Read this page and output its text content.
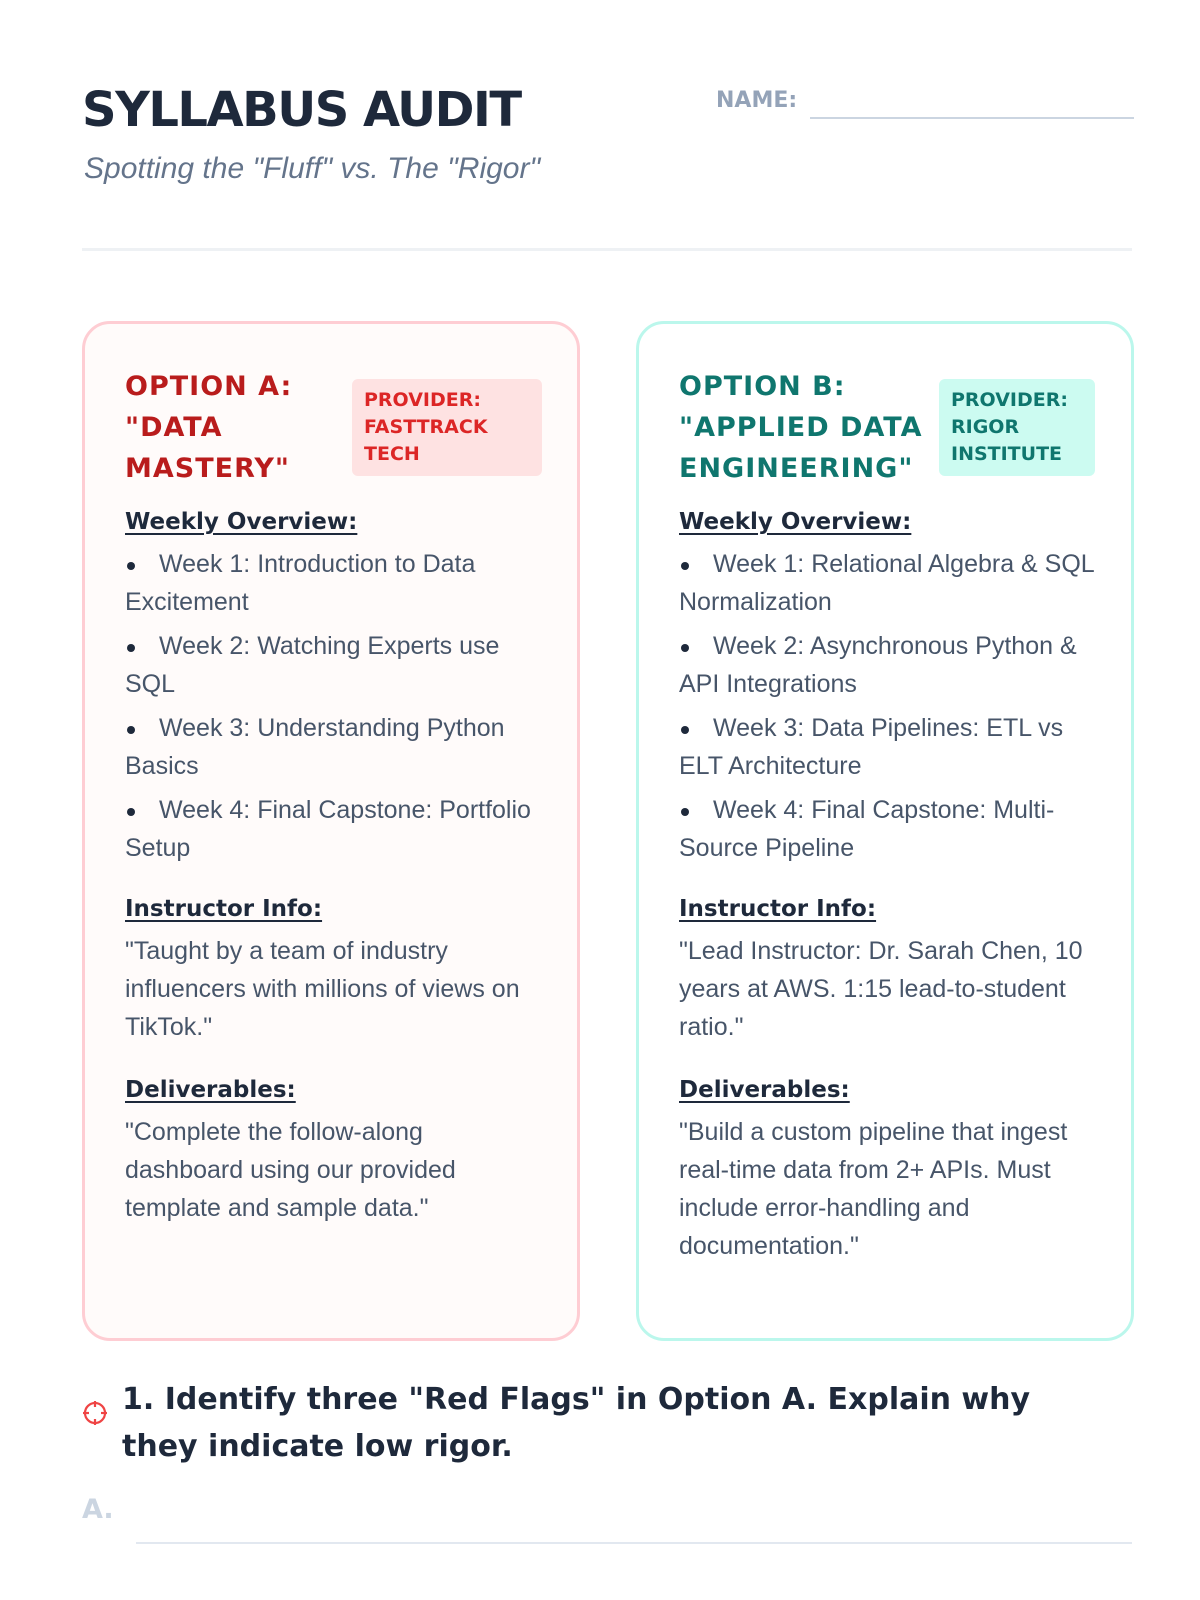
SYLLABUS AUDIT
Spotting the "Fluff" vs. The "Rigor"
NAME:
OPTION A: "DATA MASTERY"
PROVIDER: FASTTRACK TECH
Weekly Overview:
Week 1: Introduction to Data Excitement
Week 2: Watching Experts use SQL
Week 3: Understanding Python Basics
Week 4: Final Capstone: Portfolio Setup
Instructor Info:
"Taught by a team of industry influencers with millions of views on TikTok."
Deliverables:
"Complete the follow-along dashboard using our provided template and sample data."
OPTION B: "APPLIED DATA ENGINEERING"
PROVIDER: RIGOR INSTITUTE
Weekly Overview:
Week 1: Relational Algebra & SQL Normalization
Week 2: Asynchronous Python & API Integrations
Week 3: Data Pipelines: ETL vs ELT Architecture
Week 4: Final Capstone: Multi-Source Pipeline
Instructor Info:
"Lead Instructor: Dr. Sarah Chen, 10 years at AWS. 1:15 lead-to-student ratio."
Deliverables:
"Build a custom pipeline that ingest real-time data from 2+ APIs. Must include error-handling and documentation."
1. Identify three "Red Flags" in Option A. Explain why they indicate low rigor.
A.
